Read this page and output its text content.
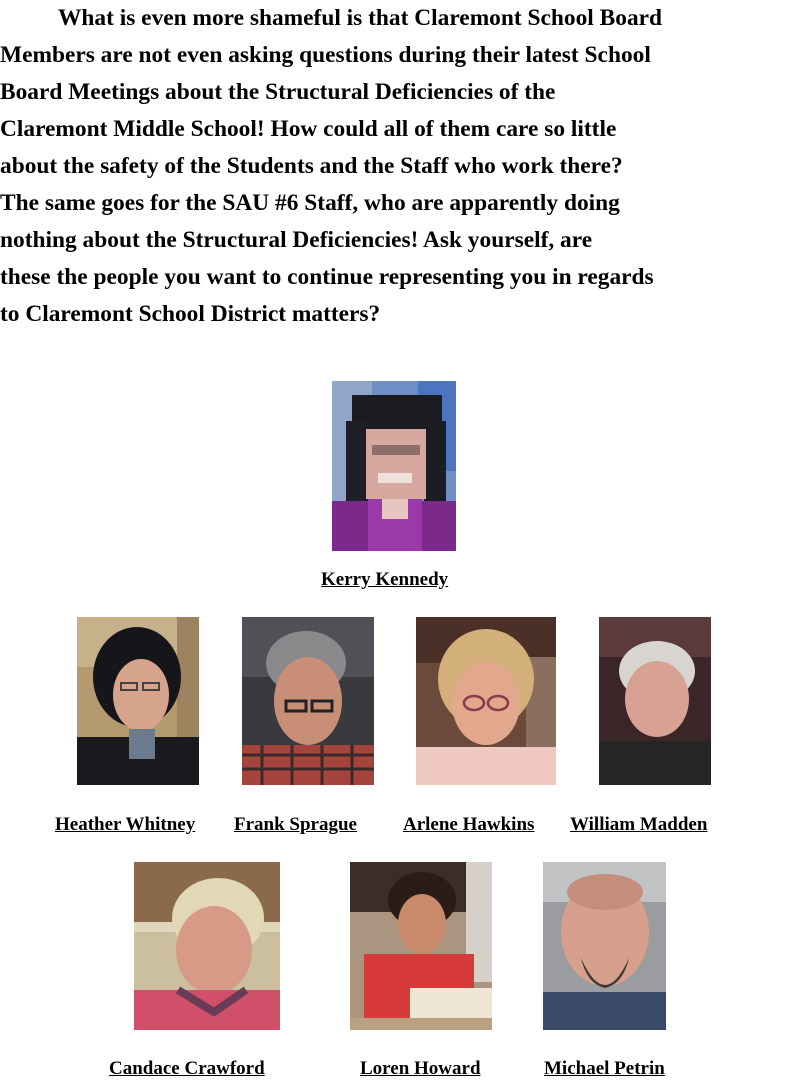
What is even more shameful is that Claremont School Board
Members are not even asking questions during their latest School
Board Meetings about the Structural Deficiencies of the
Claremont Middle School! How could all of them care so little
about the safety of the Students and the Staff who work there?
The same goes for the SAU #6 Staff, who are apparently doing
nothing about the Structural Deficiencies! Ask yourself, are
these the people you want to continue representing you in regards
to Claremont School District matters?
Kerry Kennedy
Heather Whitney Frank Sprague Arlene Hawkins William Madden
Candace Crawford	Loren Howard	Michael Petrin
